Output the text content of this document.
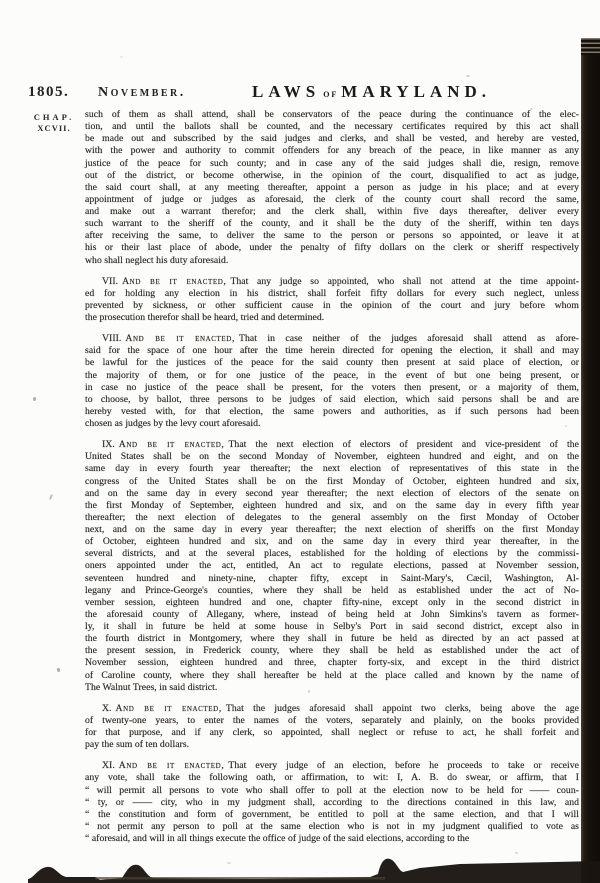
1805. November.	LAWS of MARYLAND.
CHAP.
XCVII.
such of them as shall attend, shall be conservators of the peace during the continuance of the elec-
tion, and until the ballots shall be counted, and the necessary certificates required by this act shall
be made out and subscribed by the said judges and clerks, and shall be vested, and hereby are vested,
with the power and authority to commit offenders for any breach of the peace, in like manner as any
justice of the peace for such county; and in case any of the said judges shall die, resign, remove
out of the district, or become otherwise, in the opinion of the court, disqualified to act as judge,
the said court shall, at any meeting thereafter, appoint a person as judge in his place; and at every
appointment of judge or judges as aforesaid, the clerk of the county court shall record the same,
and make out a warrant therefor; and the clerk shall, within five days thereafter, deliver every
such warrant to the sheriff of the county, and it shall be the duty of the sheriff, within ten days
after receiving the same, to deliver the same to the person or persons so appointed, or leave it at
his or their last place of abode, under the penalty of fifty dollars on the clerk or sheriff respectively
who shall neglect his duty aforesaid.
VII. And be it enacted, That any judge so appointed, who shall not attend at the time appoint-
ed for holding any election in his district, shall forfeit fifty dollars for every such neglect, unless
prevented by sickness, or other sufficient cause in the opinion of the court and jury before whom
the prosecution therefor shall be heard, tried and determined.
VIII. And be it enacted, That in case neither of the judges aforesaid shall attend as afore-
said for the space of one hour after the time herein directed for opening the election, it shall and may
be lawful for the justices of the peace for the said county then present at said place of election, or
the majority of them, or for one justice of the peace, in the event of but one being present, or
in case no justice of the peace shall be present, for the voters then present, or a majority of them,
to choose, by ballot, three persons to be judges of said election, which said persons shall be and are
hereby vested with, for that election, the same powers and authorities, as if such persons had been
chosen as judges by the levy court aforesaid.
IX. And be it enacted, That the next election of electors of president and vice-president of the
United States shall be on the second Monday of November, eighteen hundred and eight, and on the
same day in every fourth year thereafter; the next election of representatives of this state in the
congress of the United States shall be on the first Monday of October, eighteen hundred and six,
and on the same day in every second year thereafter; the next election of electors of the senate on
the first Monday of September, eighteen hundred and six, and on the same day in every fifth year
thereafter; the next election of delegates to the general assembly on the first Monday of October
next, and on the same day in every year thereafter; the next election of sheriffs on the first Monday
of October, eighteen hundred and six, and on the same day in every third year thereafter, in the
several districts, and at the several places, established for the holding of elections by the commissi-
oners appointed under the act, entitled, An act to regulate elections, passed at November session,
seventeen hundred and ninety-nine, chapter fifty, except in Saint-Mary's, Cæcil, Washington, Al-
legany and Prince-George's counties, where they shall be held as established under the act of No-
vember session, eighteen hundred and one, chapter fifty-nine, except only in the second district in
the aforesaid county of Allegany, where, instead of being held at John Simkins's tavern as former-
ly, it shall in future be held at some house in Selby's Port in said second district, except also in
the fourth district in Montgomery, where they shall in future be held as directed by an act passed at
the present session, in Frederick county, where they shall be held as established under the act of
November session, eighteen hundred and three, chapter forty-six, and except in the third district
of Caroline county, where they shall hereafter be held at the place called and known by the name of
The Walnut Trees, in said district.
X. And be it enacted, That the judges aforesaid shall appoint two clerks, being above the age
of twenty-one years, to enter the names of the voters, separately and plainly, on the books provided
for that purpose, and if any clerk, so appointed, shall neglect or refuse to act, he shall forfeit and
pay the sum of ten dollars.
XI. And be it enacted, That every judge of an election, before he proceeds to take or receive
any vote, shall take the following oath, or affirmation, to wit: I, A. B. do swear, or affirm, that I
“ will permit all persons to vote who shall offer to poll at the election now to be held for —— coun-
“ ty, or —— city, who in my judgment shall, according to the directions contained in this law, and
“ the constitution and form of government, be entitled to poll at the same election, and that I will
“ not permit any person to poll at the same election who is not in my judgment qualified to vote as
“ aforesaid, and will in all things execute the office of judge of the said elections, according to the
